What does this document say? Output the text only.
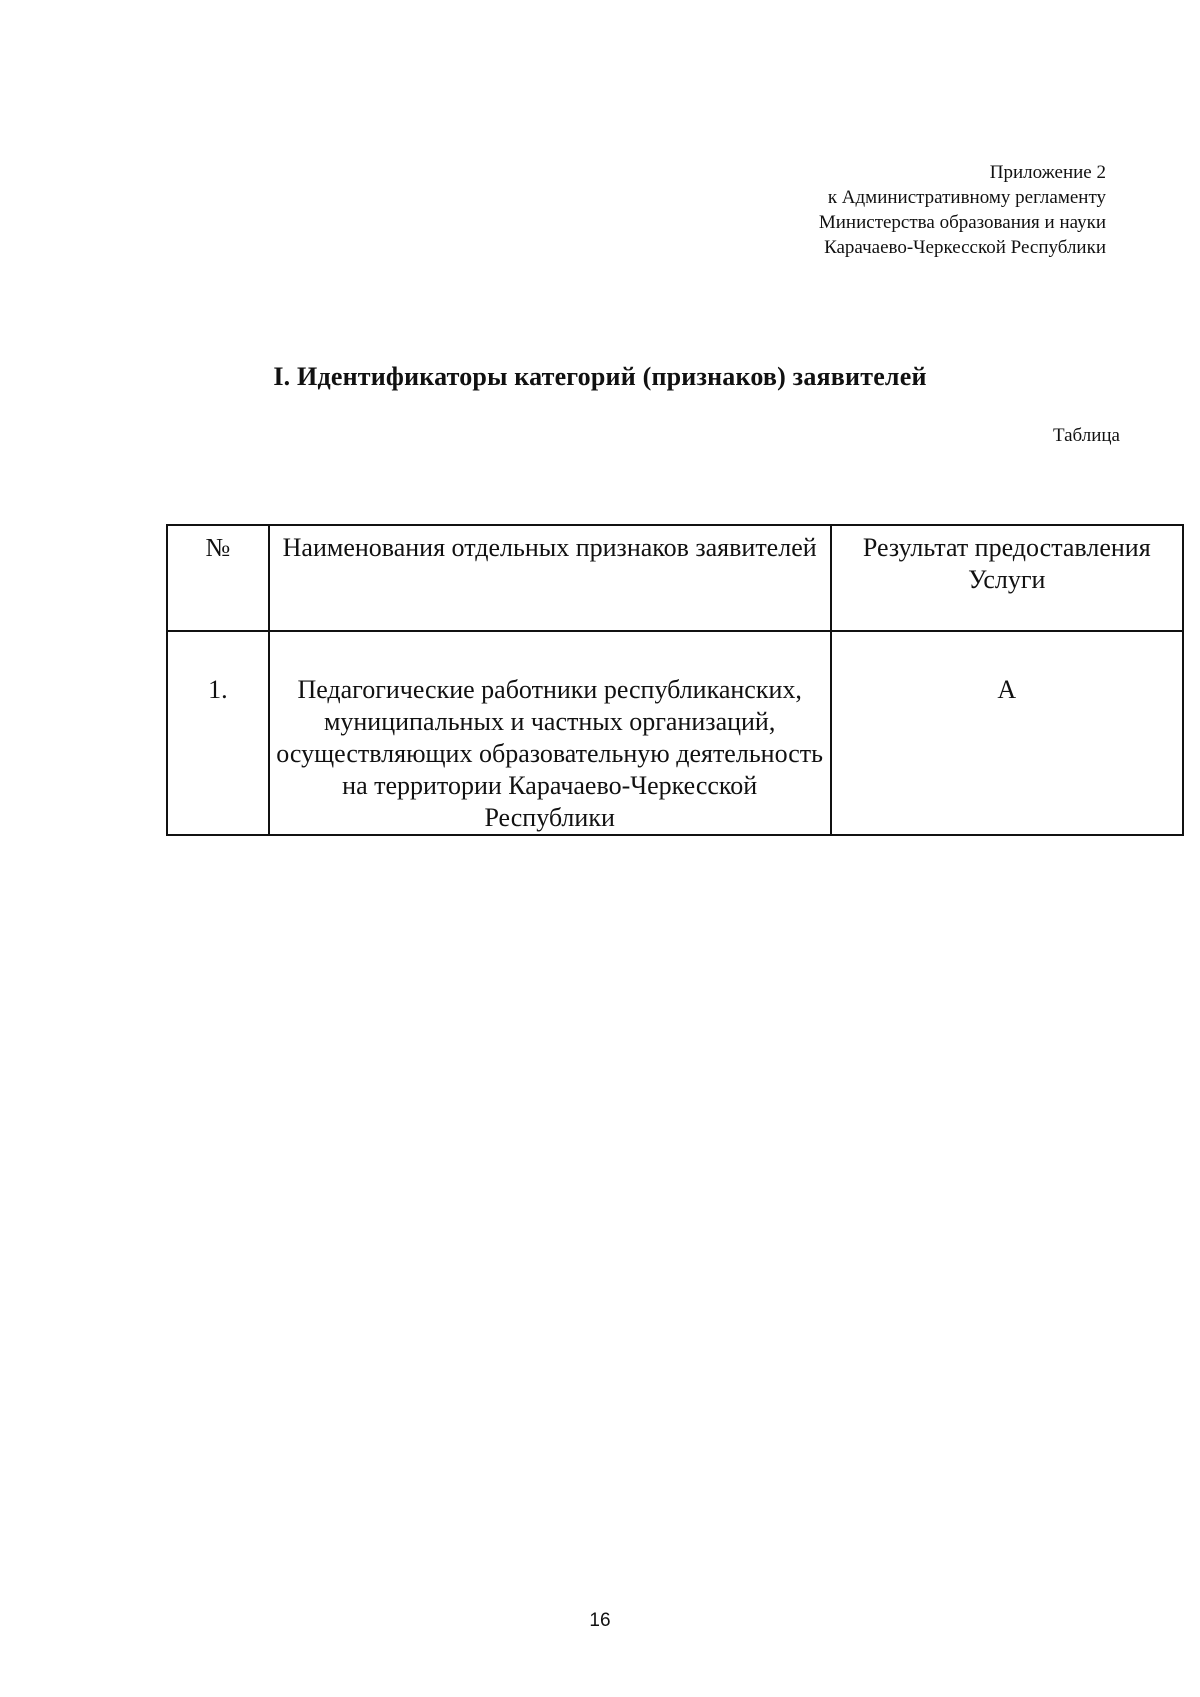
Приложение 2
к Административному регламенту
Министерства образования и науки
Карачаево-Черкесской Республики
I. Идентификаторы категорий (признаков) заявителей
Таблица
№	Наименования отдельных признаков заявителей	Результат предоставления Услуги
1.	Педагогические работники республиканских, муниципальных и частных организаций, осуществляющих образовательную деятельность на территории Карачаево-Черкесской Республики	А
16
